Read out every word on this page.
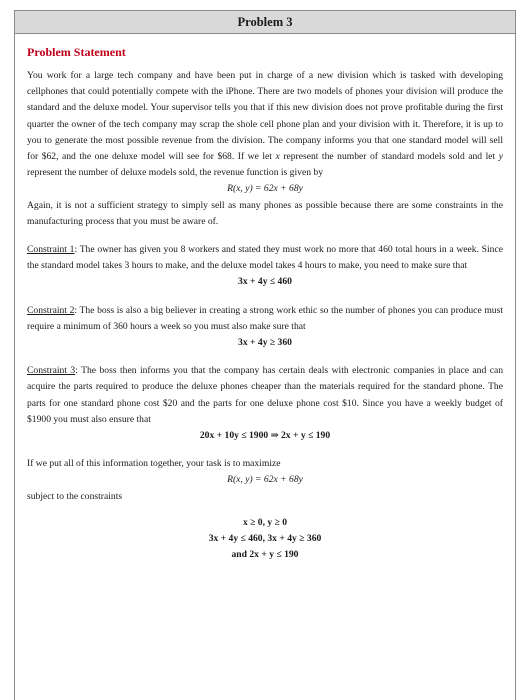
Problem 3
Problem Statement
You work for a large tech company and have been put in charge of a new division which is tasked with developing cellphones that could potentially compete with the iPhone. There are two models of phones your division will produce the standard and the deluxe model. Your supervisor tells you that if this new division does not prove profitable during the first quarter the owner of the tech company may scrap the shole cell phone plan and your division with it. Therefore, it is up to you to generate the most possible revenue from the division. The company informs you that one standard model will sell for $62, and the one deluxe model will see for $68. If we let x represent the number of standard models sold and let y represent the number of deluxe models sold, the revenue function is given by
R(x, y) = 62x + 68y
Again, it is not a sufficient strategy to simply sell as many phones as possible because there are some constraints in the manufacturing process that you must be aware of.
Constraint 1: The owner has given you 8 workers and stated they must work no more that 460 total hours in a week. Since the standard model takes 3 hours to make, and the deluxe model takes 4 hours to make, you need to make sure that
3x + 4y ≤ 460
Constraint 2: The boss is also a big believer in creating a strong work ethic so the number of phones you can produce must require a minimum of 360 hours a week so you must also make sure that
3x + 4y ≥ 360
Constraint 3: The boss then informs you that the company has certain deals with electronic companies in place and can acquire the parts required to produce the deluxe phones cheaper than the materials required for the standard phone. The parts for one standard phone cost $20 and the parts for one deluxe phone cost $10. Since you have a weekly budget of $1900 you must also ensure that
20x + 10y ≤ 1900 ⇒ 2x + y ≤ 190
If we put all of this information together, your task is to maximize
R(x, y) = 62x + 68y
subject to the constraints
x ≥ 0, y ≥ 0
3x + 4y ≤ 460, 3x + 4y ≥ 360
and 2x + y ≤ 190
